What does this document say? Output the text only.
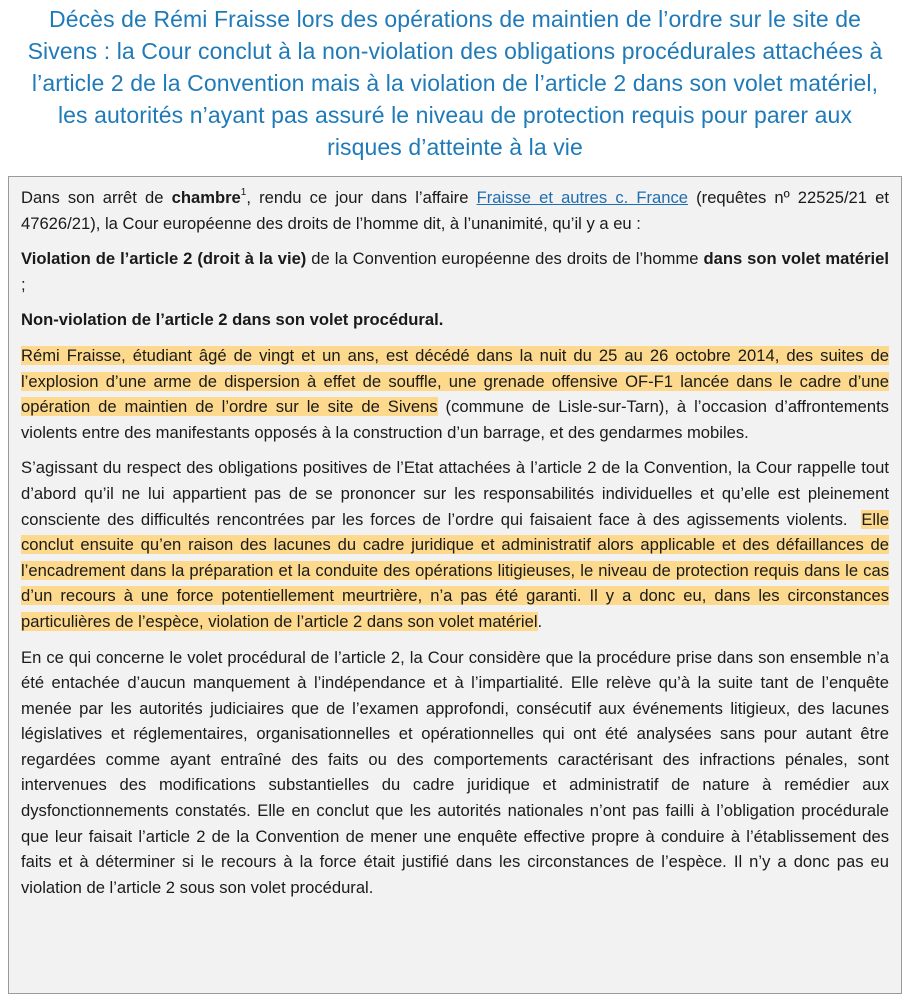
Décès de Rémi Fraisse lors des opérations de maintien de l’ordre sur le site de Sivens : la Cour conclut à la non-violation des obligations procédurales attachées à l’article 2 de la Convention mais à la violation de l’article 2 dans son volet matériel, les autorités n’ayant pas assuré le niveau de protection requis pour parer aux risques d’atteinte à la vie

Dans son arrêt de chambre$^1$, rendu ce jour dans l’affaire Fraisse et autres c. France (requêtes nº 22525/21 et 47626/21), la Cour européenne des droits de l’homme dit, à l’unanimité, qu’il y a eu :

Violation de l’article 2 (droit à la vie) de la Convention européenne des droits de l’homme dans son volet matériel ;

Non-violation de l’article 2 dans son volet procédural.

Rémi Fraisse, étudiant âgé de vingt et un ans, est décédé dans la nuit du 25 au 26 octobre 2014, des suites de l’explosion d’une arme de dispersion à effet de souffle, une grenade offensive OF-F1 lancée dans le cadre d’une opération de maintien de l’ordre sur le site de Sivens (commune de Lisle-sur-Tarn), à l’occasion d’affrontements violents entre des manifestants opposés à la construction d’un barrage, et des gendarmes mobiles.

S’agissant du respect des obligations positives de l’Etat attachées à l’article 2 de la Convention, la Cour rappelle tout d’abord qu’il ne lui appartient pas de se prononcer sur les responsabilités individuelles et qu’elle est pleinement consciente des difficultés rencontrées par les forces de l’ordre qui faisaient face à des agissements violents.  Elle conclut ensuite qu’en raison des lacunes du cadre juridique et administratif alors applicable et des défaillances de l’encadrement dans la préparation et la conduite des opérations litigieuses, le niveau de protection requis dans le cas d’un recours à une force potentiellement meurtrière, n’a pas été garanti. Il y a donc eu, dans les circonstances particulières de l’espèce, violation de l’article 2 dans son volet matériel.

En ce qui concerne le volet procédural de l’article 2, la Cour considère que la procédure prise dans son ensemble n’a été entachée d’aucun manquement à l’indépendance et à l’impartialité. Elle relève qu’à la suite tant de l’enquête menée par les autorités judiciaires que de l’examen approfondi, consécutif aux événements litigieux, des lacunes législatives et réglementaires, organisationnelles et opérationnelles qui ont été analysées sans pour autant être regardées comme ayant entraîné des faits ou des comportements caractérisant des infractions pénales, sont intervenues des modifications substantielles du cadre juridique et administratif de nature à remédier aux dysfonctionnements constatés. Elle en conclut que les autorités nationales n’ont pas failli à l’obligation procédurale que leur faisait l’article 2 de la Convention de mener une enquête effective propre à conduire à l’établissement des faits et à déterminer si le recours à la force était justifié dans les circonstances de l’espèce. Il n’y a donc pas eu violation de l’article 2 sous son volet procédural.
